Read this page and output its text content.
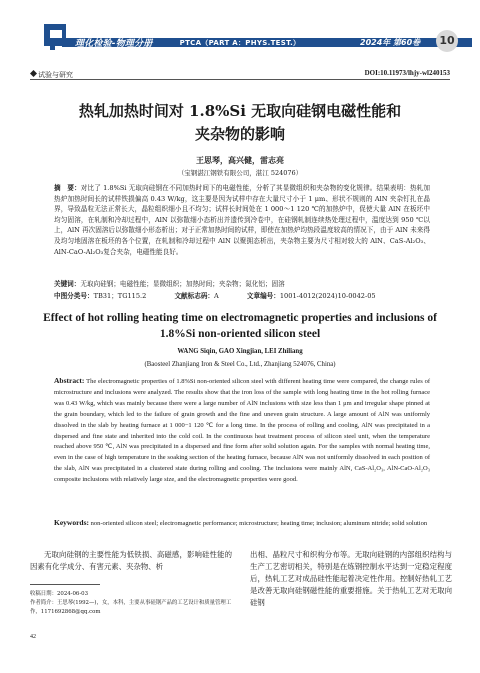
理化检验-物理分册	PTCA（PART A：PHYS.TEST.）	2024年 第60卷	10
试验与研究	DOI:10.11973/lhjy-wl240153
热轧加热时间对 1.8%Si 无取向硅钢电磁性能和
夹杂物的影响
王思琴，高兴健，雷志亮
（宝钢湛江钢铁有限公司，湛江 524076）
摘　要：对比了 1.8%Si 无取向硅钢在不同加热时间下的电磁性能，分析了其显微组织和夹杂物的变化规律。结果表明：热轧加热炉加热时间长的试样铁损偏高 0.43 W/kg，这主要是因为试样中存在大量尺寸小于 1 μm、形状不规则的 AlN 夹杂钉扎在晶界，导致晶粒无法正常长大，晶粒组织细小且不均匀；试样长时间处在 1 000～1 120 ℃的加热炉中，促使大量 AlN 在板坯中均匀固溶，在轧制和冷却过程中，AlN 以弥散细小态析出并遗传到冷卷中，在硅钢轧制连续热处理过程中，温度达到 950 ℃以上，AlN 再次固溶后以弥散细小形态析出；对于正常加热时间的试样，即使在加热炉均热段温度较高的情况下，由于 AlN 未来得及均匀地固溶在板坯的各个位置，在轧制和冷却过程中 AlN 以聚拥态析出，夹杂物主要为尺寸相对较大的 AlN、CaS-Al₂O₃、AlN-CaO-Al₂O₃复合夹杂，电磁性能良好。
关键词：无取向硅钢；电磁性能；显微组织；加热时间；夹杂物；氮化铝；固溶
中图分类号：TB31；TG115.2	文献标志码：A	文章编号：1001-4012(2024)10-0042-05
Effect of hot rolling heating time on electromagnetic properties and inclusions of
1.8%Si non-oriented silicon steel
WANG Siqin, GAO Xingjian, LEI Zhiliang
(Baosteel Zhanjiang Iron & Steel Co., Ltd., Zhanjiang 524076, China)
Abstract: The electromagnetic properties of 1.8%Si non-oriented silicon steel with different heating time were compared, the change rules of microstructure and inclusions were analyzed. The results show that the iron loss of the sample with long heating time in the hot rolling furnace was 0.43 W/kg, which was mainly because there were a large number of AlN inclusions with size less than 1 μm and irregular shape pinned at the grain boundary, which led to the failure of grain growth and the fine and uneven grain structure. A large amount of AlN was uniformly dissolved in the slab by heating furnace at 1 000−1 120 ℃ for a long time. In the process of rolling and cooling, AlN was precipitated in a dispersed and fine state and inherited into the cold coil. In the continuous heat treatment process of silicon steel unit, when the temperature reached above 950 ℃, AlN was precipitated in a dispersed and fine form after solid solution again. For the samples with normal heating time, even in the case of high temperature in the soaking section of the heating furnace, because AlN was not uniformly dissolved in each position of the slab, AlN was precipitated in a clustered state during rolling and cooling. The inclusions were mainly AlN, CaS-Al₂O₃, AlN-CaO-Al₂O₃ composite inclusions with relatively large size, and the electromagnetic properties were good.
Keywords: non-oriented silicon steel; electromagnetic performance; microstructure; heating time; inclusion; aluminum nitride; solid solution
无取向硅钢的主要性能为低铁损、高磁感，影响硅性能的因素有化学成分、有害元素、夹杂物、析
出相、晶粒尺寸和织构分布等。无取向硅钢的内部组织结构与生产工艺密切相关，特别是在炼钢控制水平达到一定稳定程度后，热轧工艺对成品硅性能起着决定性作用。控制好热轧工艺是改善无取向硅钢磁性能的重要措施。关于热轧工艺对无取向硅钢
收稿日期：2024-06-03
作者简介：王思琴(1992—)，女，本科，主要从事硅钢产品的工艺设计和质量管理工作，1171692868@qq.com
42
